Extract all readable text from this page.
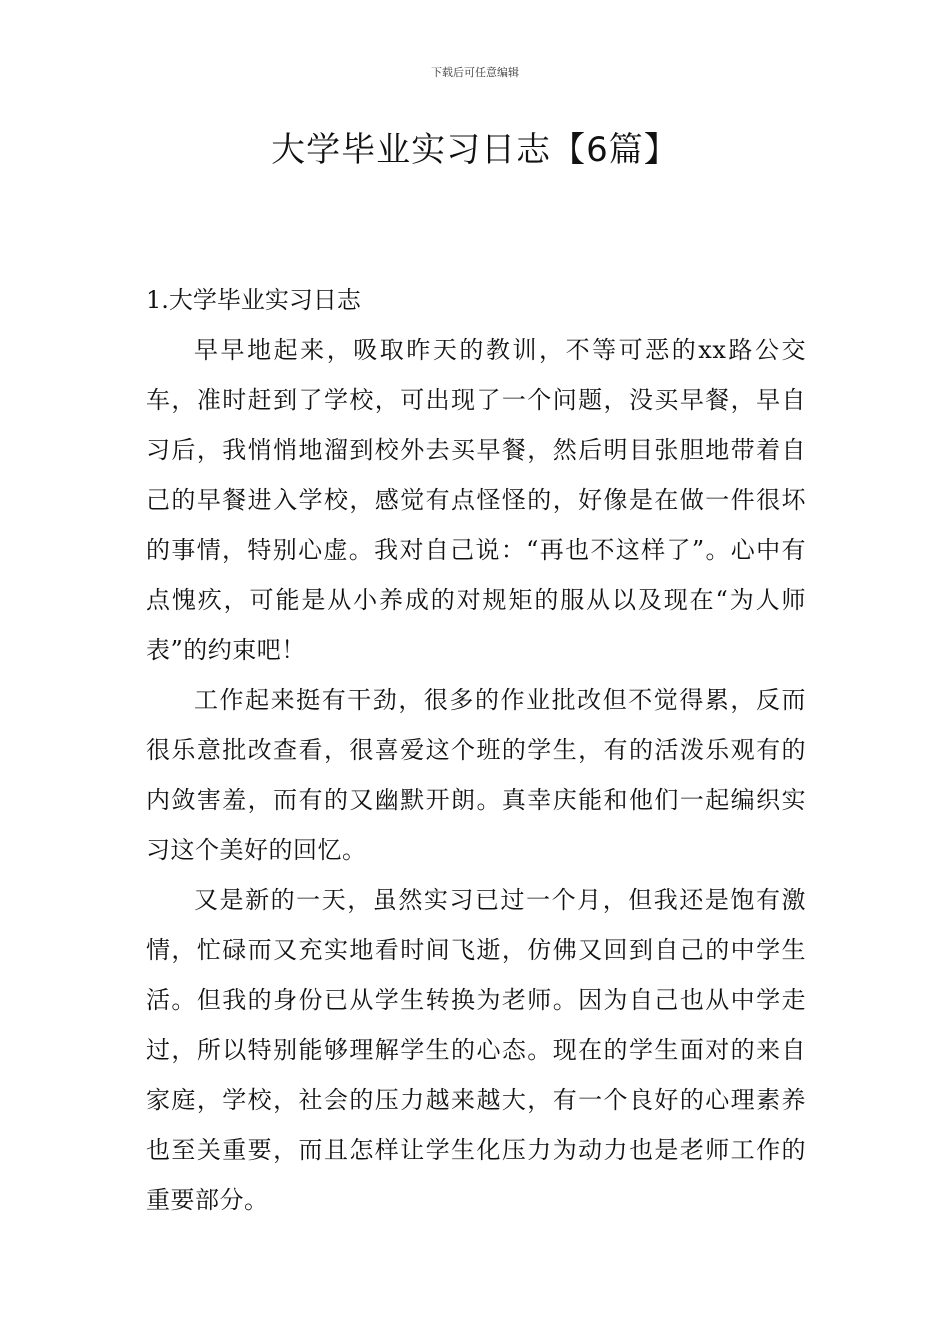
下载后可任意编辑
大学毕业实习日志【6篇】
1.大学毕业实习日志

早早地起来，吸取昨天的教训，不等可恶的xx路公交车，准时赶到了学校，可出现了一个问题，没买早餐，早自习后，我悄悄地溜到校外去买早餐，然后明目张胆地带着自己的早餐进入学校，感觉有点怪怪的，好像是在做一件很坏的事情，特别心虚。我对自己说：“再也不这样了”。心中有点愧疚，可能是从小养成的对规矩的服从以及现在“为人师表”的约束吧！

工作起来挺有干劲，很多的作业批改但不觉得累，反而很乐意批改查看，很喜爱这个班的学生，有的活泼乐观有的内敛害羞，而有的又幽默开朗。真幸庆能和他们一起编织实习这个美好的回忆。

又是新的一天，虽然实习已过一个月，但我还是饱有激情，忙碌而又充实地看时间飞逝，仿佛又回到自己的中学生活。但我的身份已从学生转换为老师。因为自己也从中学走过，所以特别能够理解学生的心态。现在的学生面对的来自家庭，学校，社会的压力越来越大，有一个良好的心理素养也至关重要，而且怎样让学生化压力为动力也是老师工作的重要部分。
